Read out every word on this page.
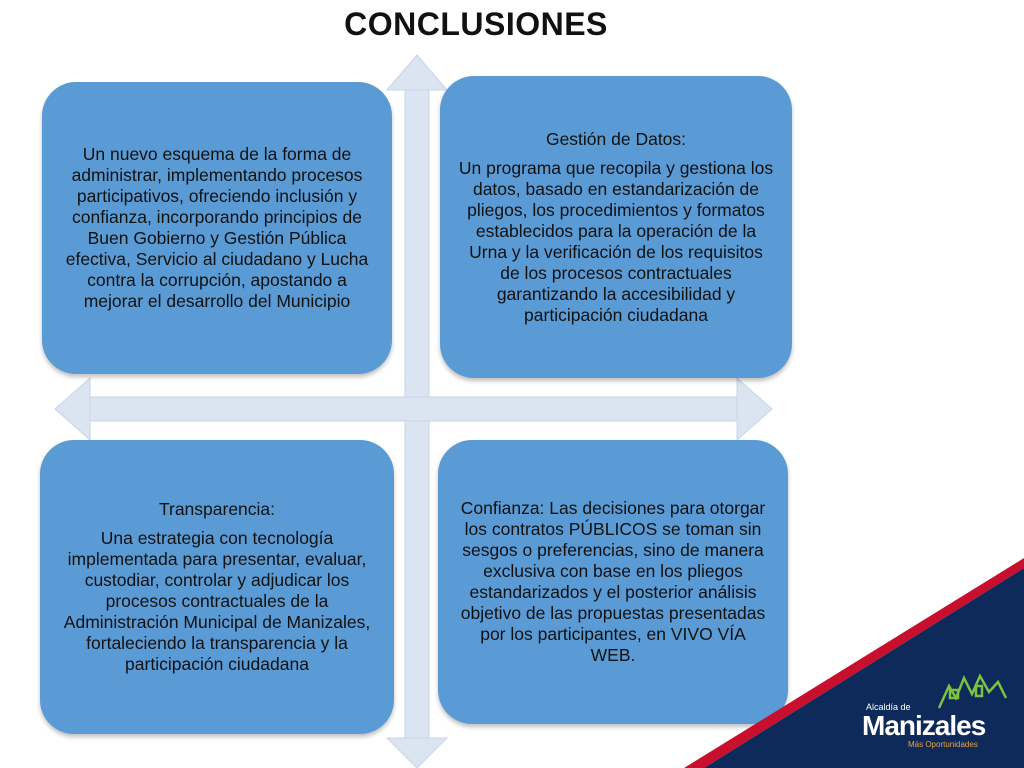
CONCLUSIONES

Un nuevo esquema de la forma de administrar, implementando procesos participativos, ofreciendo inclusión y confianza, incorporando principios de Buen Gobierno y Gestión Pública efectiva, Servicio al ciudadano y Lucha contra la corrupción, apostando a mejorar el desarrollo del Municipio

Gestión de Datos:

Un programa que recopila y gestiona los datos, basado en estandarización de pliegos, los procedimientos y formatos establecidos para la operación de la Urna y la verificación de los requisitos de los procesos contractuales garantizando la accesibilidad y participación ciudadana

Transparencia:

Una estrategia con tecnología implementada para presentar, evaluar, custodiar, controlar y adjudicar los procesos contractuales de la Administración Municipal de Manizales, fortaleciendo la transparencia y la participación ciudadana

Confianza: Las decisiones para otorgar los contratos PÚBLICOS se toman sin sesgos o preferencias, sino de manera exclusiva con base en los pliegos estandarizados y el posterior análisis objetivo de las propuestas presentadas por los participantes, en VIVO VÍA WEB.

Alcaldía de
Manizales
Más Oportunidades
